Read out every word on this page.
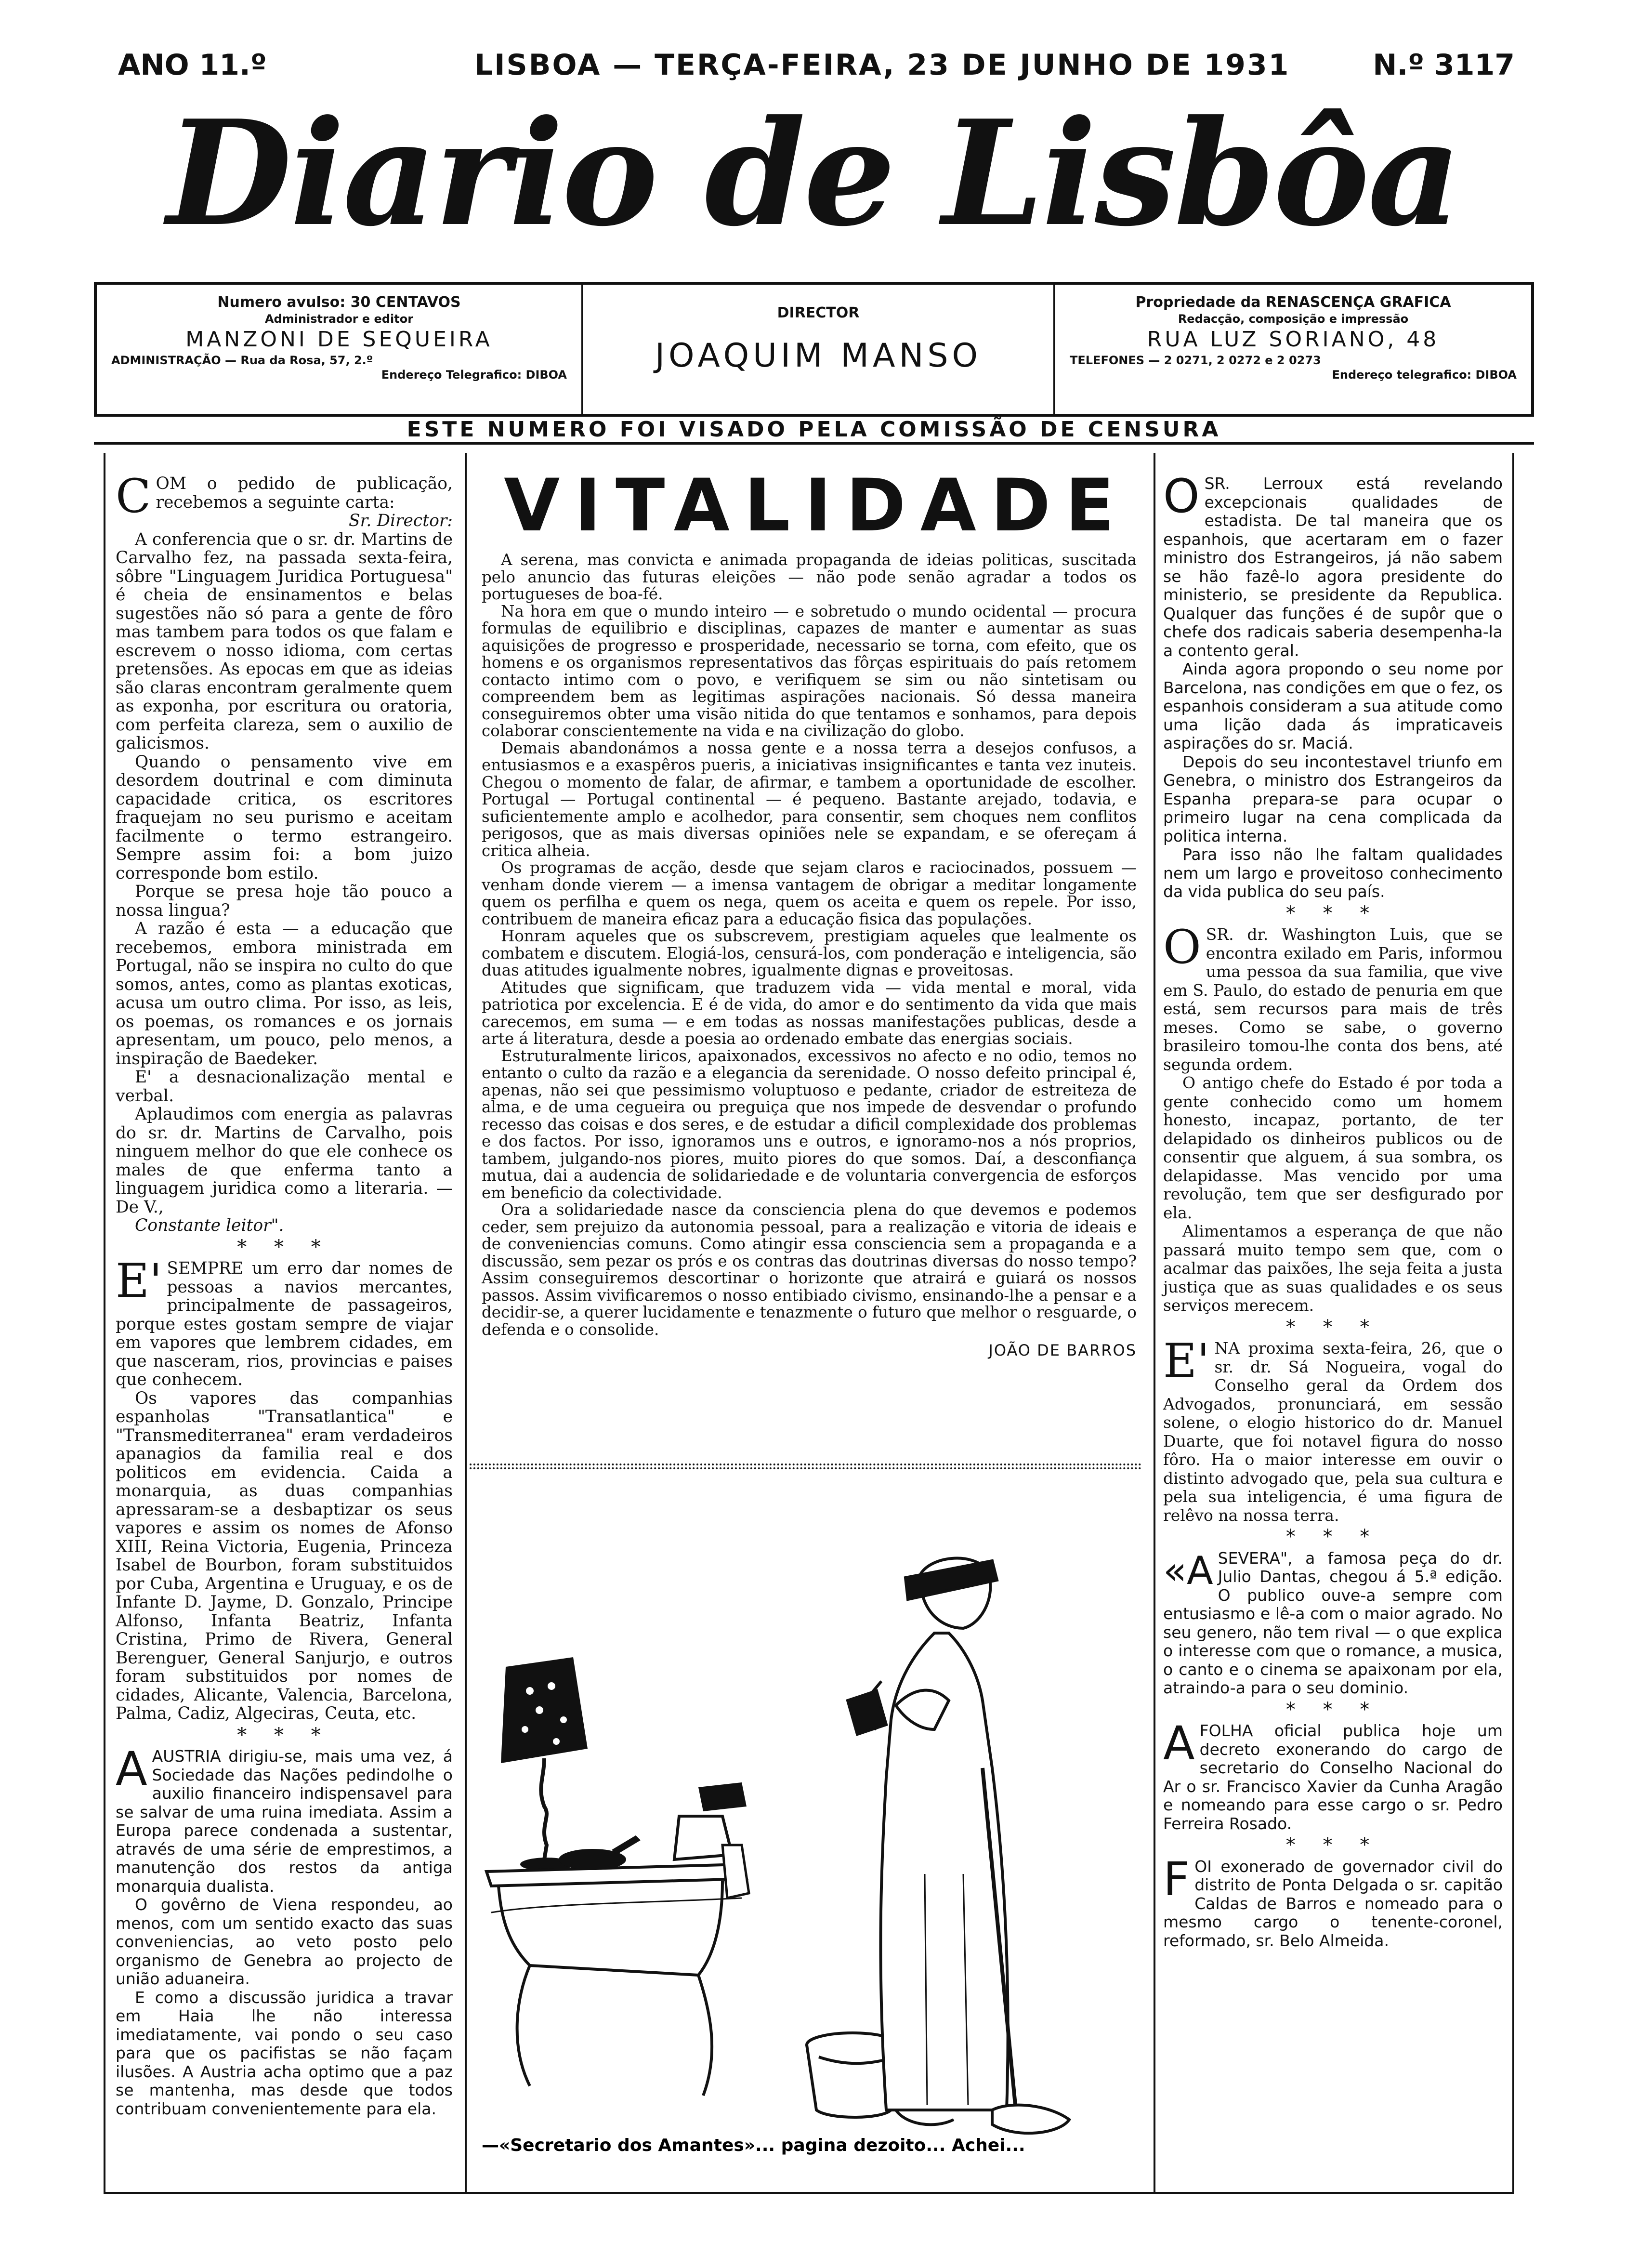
ANO 11.º	LISBOA — TERÇA-FEIRA, 23 DE JUNHO DE 1931	N.º 3117
Diario de Lisbôa
Numero avulso: 30 CENTAVOS
Administrador e editor
MANZONI DE SEQUEIRA
ADMINISTRAÇÃO — Rua da Rosa, 57, 2.º
Endereço Telegrafico: DIBOA
DIRECTOR
JOAQUIM MANSO
Propriedade da RENASCENÇA GRAFICA
Redacção, composição e impressão
RUA LUZ SORIANO, 48
TELEFONES — 2 0271, 2 0272 e 2 0273
Endereço telegrafico: DIBOA
ESTE NUMERO FOI VISADO PELA COMISSÃO DE CENSURA

COM o pedido de publicação, recebemos a seguinte carta:

Sr. Director:

A conferencia que o sr. dr. Martins de Carvalho fez, na passada sexta-feira, sôbre "Linguagem Juridica Portuguesa" é cheia de ensinamentos e belas sugestões não só para a gente de fôro mas tambem para todos os que falam e escrevem o nosso idioma, com certas pretensões. As epocas em que as ideias são claras encontram geralmente quem as exponha, por escritura ou oratoria, com perfeita clareza, sem o auxilio de galicismos.

Quando o pensamento vive em desordem doutrinal e com diminuta capacidade critica, os escritores fraquejam no seu purismo e aceitam facilmente o termo estrangeiro. Sempre assim foi: a bom juizo corresponde bom estilo.

Porque se presa hoje tão pouco a nossa lingua?

A razão é esta — a educação que recebemos, embora ministrada em Portugal, não se inspira no culto do que somos, antes, como as plantas exoticas, acusa um outro clima. Por isso, as leis, os poemas, os romances e os jornais apresentam, um pouco, pelo menos, a inspiração de Baedeker.

E' a desnacionalização mental e verbal.

Aplaudimos com energia as palavras do sr. dr. Martins de Carvalho, pois ninguem melhor do que ele conhece os males de que enferma tanto a linguagem juridica como a literaria. — De V.,

Constante leitor".

* * *

E' SEMPRE um erro dar nomes de pessoas a navios mercantes, principalmente de passageiros, porque estes gostam sempre de viajar em vapores que lembrem cidades, em que nasceram, rios, provincias e paises que conhecem.

Os vapores das companhias espanholas "Transatlantica" e "Transmediterranea" eram verdadeiros apanagios da familia real e dos politicos em evidencia. Caida a monarquia, as duas companhias apressaram-se a desbaptizar os seus vapores e assim os nomes de Afonso XIII, Reina Victoria, Eugenia, Princeza Isabel de Bourbon, foram substituidos por Cuba, Argentina e Uruguay, e os de Infante D. Jayme, D. Gonzalo, Principe Alfonso, Infanta Beatriz, Infanta Cristina, Primo de Rivera, General Berenguer, General Sanjurjo, e outros foram substituidos por nomes de cidades, Alicante, Valencia, Barcelona, Palma, Cadiz, Algeciras, Ceuta, etc.

* * *

AAUSTRIA dirigiu-se, mais uma vez, á Sociedade das Nações pedindolhe o auxilio financeiro indispensavel para se salvar de uma ruina imediata. Assim a Europa parece condenada a sustentar, através de uma série de emprestimos, a manutenção dos restos da antiga monarquia dualista.

O govêrno de Viena respondeu, ao menos, com um sentido exacto das suas conveniencias, ao veto posto pelo organismo de Genebra ao projecto de união aduaneira.

E como a discussão juridica a travar em Haia lhe não interessa imediatamente, vai pondo o seu caso para que os pacifistas se não façam ilusões. A Austria acha optimo que a paz se mantenha, mas desde que todos contribuam convenientemente para ela.

VITALIDADE

A serena, mas convicta e animada propaganda de ideias politicas, suscitada pelo anuncio das futuras eleições — não pode senão agradar a todos os portugueses de boa-fé.

Na hora em que o mundo inteiro — e sobretudo o mundo ocidental — procura formulas de equilibrio e disciplinas, capazes de manter e aumentar as suas aquisições de progresso e prosperidade, necessario se torna, com efeito, que os homens e os organismos representativos das fôrças espirituais do país retomem contacto intimo com o povo, e verifiquem se sim ou não sintetisam ou compreendem bem as legitimas aspirações nacionais. Só dessa maneira conseguiremos obter uma visão nitida do que tentamos e sonhamos, para depois colaborar conscientemente na vida e na civilização do globo.

Demais abandonámos a nossa gente e a nossa terra a desejos confusos, a entusiasmos e a exaspêros pueris, a iniciativas insignificantes e tanta vez inuteis. Chegou o momento de falar, de afirmar, e tambem a oportunidade de escolher. Portugal — Portugal continental — é pequeno. Bastante arejado, todavia, e suficientemente amplo e acolhedor, para consentir, sem choques nem conflitos perigosos, que as mais diversas opiniões nele se expandam, e se ofereçam á critica alheia.

Os programas de acção, desde que sejam claros e raciocinados, possuem — venham donde vierem — a imensa vantagem de obrigar a meditar longamente quem os perfilha e quem os nega, quem os aceita e quem os repele. Por isso, contribuem de maneira eficaz para a educação fisica das populações.

Honram aqueles que os subscrevem, prestigiam aqueles que lealmente os combatem e discutem. Elogiá-los, censurá-los, com ponderação e inteligencia, são duas atitudes igualmente nobres, igualmente dignas e proveitosas.

Atitudes que significam, que traduzem vida — vida mental e moral, vida patriotica por excelencia. E é de vida, do amor e do sentimento da vida que mais carecemos, em suma — e em todas as nossas manifestações publicas, desde a arte á literatura, desde a poesia ao ordenado embate das energias sociais.

Estruturalmente liricos, apaixonados, excessivos no afecto e no odio, temos no entanto o culto da razão e a elegancia da serenidade. O nosso defeito principal é, apenas, não sei que pessimismo voluptuoso e pedante, criador de estreiteza de alma, e de uma cegueira ou preguiça que nos impede de desvendar o profundo recesso das coisas e dos seres, e de estudar a dificil complexidade dos problemas e dos factos. Por isso, ignoramos uns e outros, e ignoramo-nos a nós proprios, tambem, julgando-nos piores, muito piores do que somos. Daí, a desconfiança mutua, dai a audencia de solidariedade e de voluntaria convergencia de esforços em beneficio da colectividade.

Ora a solidariedade nasce da consciencia plena do que devemos e podemos ceder, sem prejuizo da autonomia pessoal, para a realização e vitoria de ideais e de conveniencias comuns. Como atingir essa consciencia sem a propaganda e a discussão, sem pezar os prós e os contras das doutrinas diversas do nosso tempo? Assim conseguiremos descortinar o horizonte que atrairá e guiará os nossos passos. Assim vivificaremos o nosso entibiado civismo, ensinando-lhe a pensar e a decidir-se, a querer lucidamente e tenazmente o futuro que melhor o resguarde, o defenda e o consolide.

JOÃO DE BARROS
—«Secretario dos Amantes»... pagina dezoito... Achei...

OSR. Lerroux está revelando excepcionais qualidades de estadista. De tal maneira que os espanhois, que acertaram em o fazer ministro dos Estrangeiros, já não sabem se hão fazê-lo agora presidente do ministerio, se presidente da Republica. Qualquer das funções é de supôr que o chefe dos radicais saberia desempenha-la a contento geral.

Ainda agora propondo o seu nome por Barcelona, nas condições em que o fez, os espanhois consideram a sua atitude como uma lição dada ás impraticaveis aspirações do sr. Maciá.

Depois do seu incontestavel triunfo em Genebra, o ministro dos Estrangeiros da Espanha prepara-se para ocupar o primeiro lugar na cena complicada da politica interna.

Para isso não lhe faltam qualidades nem um largo e proveitoso conhecimento da vida publica do seu país.

* * *

OSR. dr. Washington Luis, que se encontra exilado em Paris, informou uma pessoa da sua familia, que vive em S. Paulo, do estado de penuria em que está, sem recursos para mais de três meses. Como se sabe, o governo brasileiro tomou-lhe conta dos bens, até segunda ordem.

O antigo chefe do Estado é por toda a gente conhecido como um homem honesto, incapaz, portanto, de ter delapidado os dinheiros publicos ou de consentir que alguem, á sua sombra, os delapidasse. Mas vencido por uma revolução, tem que ser desfigurado por ela.

Alimentamos a esperança de que não passará muito tempo sem que, com o acalmar das paixões, lhe seja feita a justa justiça que as suas qualidades e os seus serviços merecem.

* * *

E' NA proxima sexta-feira, 26, que o sr. dr. Sá Nogueira, vogal do Conselho geral da Ordem dos Advogados, pronunciará, em sessão solene, o elogio historico do dr. Manuel Duarte, que foi notavel figura do nosso fôro. Ha o maior interesse em ouvir o distinto advogado que, pela sua cultura e pela sua inteligencia, é uma figura de relêvo na nossa terra.

* * *

«ASEVERA", a famosa peça do dr. Julio Dantas, chegou á 5.ª edição. O publico ouve-a sempre com entusiasmo e lê-a com o maior agrado. No seu genero, não tem rival — o que explica o interesse com que o romance, a musica, o canto e o cinema se apaixonam por ela, atraindo-a para o seu dominio.

* * *

AFOLHA oficial publica hoje um decreto exonerando do cargo de secretario do Conselho Nacional do Ar o sr. Francisco Xavier da Cunha Aragão e nomeando para esse cargo o sr. Pedro Ferreira Rosado.

* * *

FOI exonerado de governador civil do distrito de Ponta Delgada o sr. capitão Caldas de Barros e nomeado para o mesmo cargo o tenente-coronel, reformado, sr. Belo Almeida.
